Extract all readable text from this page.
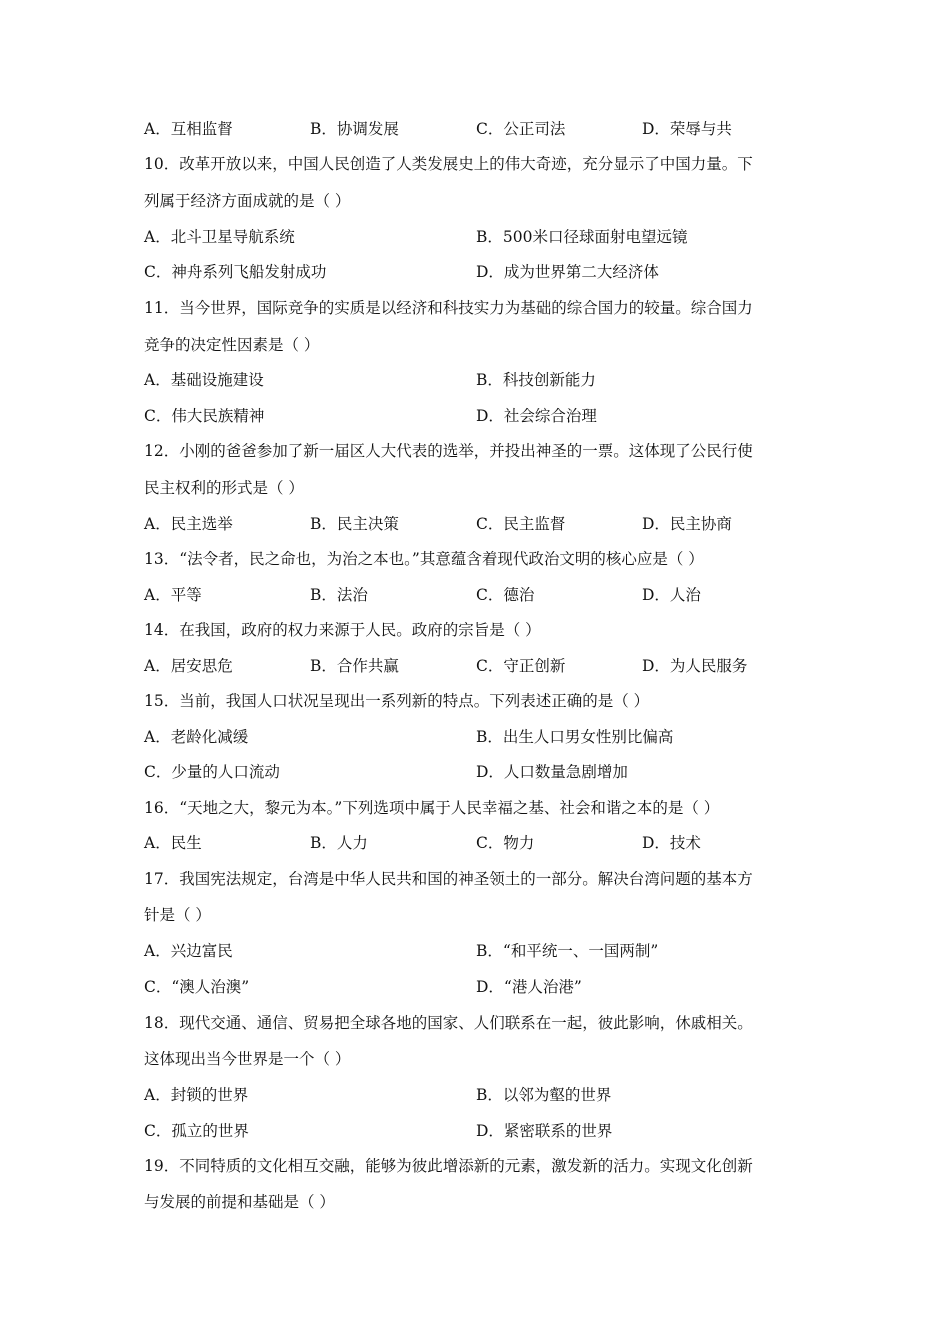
A．互相监督	B．协调发展	C．公正司法	D．荣辱与共
10．改革开放以来，中国人民创造了人类发展史上的伟大奇迹，充分显示了中国力量。下
列属于经济方面成就的是（ ）
A．北斗卫星导航系统	B．500米口径球面射电望远镜
C．神舟系列飞船发射成功	D．成为世界第二大经济体
11．当今世界，国际竞争的实质是以经济和科技实力为基础的综合国力的较量。综合国力
竞争的决定性因素是（ ）
A．基础设施建设	B．科技创新能力
C．伟大民族精神	D．社会综合治理
12．小刚的爸爸参加了新一届区人大代表的选举，并投出神圣的一票。这体现了公民行使
民主权利的形式是（ ）
A．民主选举	B．民主决策	C．民主监督	D．民主协商
13．“法令者，民之命也，为治之本也。”其意蕴含着现代政治文明的核心应是（ ）
A．平等	B．法治	C．德治	D．人治
14．在我国，政府的权力来源于人民。政府的宗旨是（ ）
A．居安思危	B．合作共赢	C．守正创新	D．为人民服务
15．当前，我国人口状况呈现出一系列新的特点。下列表述正确的是（ ）
A．老龄化减缓	B．出生人口男女性别比偏高
C．少量的人口流动	D．人口数量急剧增加
16．“天地之大，黎元为本。”下列选项中属于人民幸福之基、社会和谐之本的是（ ）
A．民生	B．人力	C．物力	D．技术
17．我国宪法规定，台湾是中华人民共和国的神圣领土的一部分。解决台湾问题的基本方
针是（ ）
A．兴边富民	B．“和平统一、一国两制”
C．“澳人治澳”	D．“港人治港”
18．现代交通、通信、贸易把全球各地的国家、人们联系在一起，彼此影响，休戚相关。
这体现出当今世界是一个（ ）
A．封锁的世界	B．以邻为壑的世界
C．孤立的世界	D．紧密联系的世界
19．不同特质的文化相互交融，能够为彼此增添新的元素，激发新的活力。实现文化创新
与发展的前提和基础是（ ）
